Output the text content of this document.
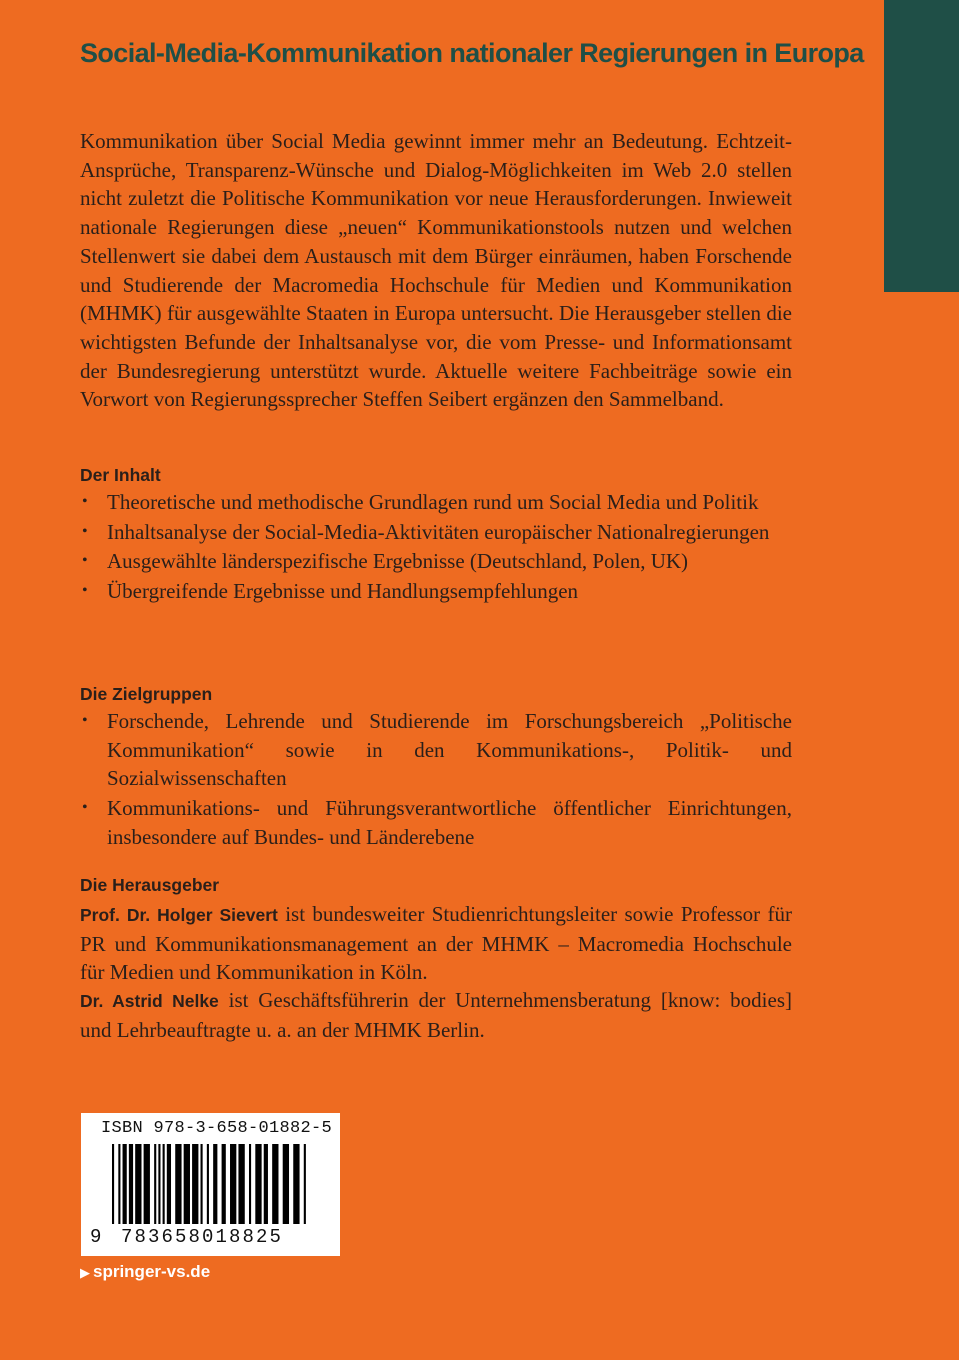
Social-Media-Kommunikation nationaler Regierungen in Europa

Kommunikation über Social Media gewinnt immer mehr an Bedeutung. Echtzeit-Ansprüche, Transparenz-Wünsche und Dialog-Möglichkeiten im Web 2.0 stellen nicht zuletzt die Politische Kommunikation vor neue Herausforderungen. Inwieweit nationale Regierungen diese „neuen“ Kommunikationstools nutzen und welchen Stellenwert sie dabei dem Austausch mit dem Bürger einräumen, haben Forschende und Studierende der Macromedia Hochschule für Medien und Kommunikation (MHMK) für ausgewählte Staaten in Europa untersucht. Die Herausgeber stellen die wichtigsten Befunde der Inhaltsanalyse vor, die vom Presse- und Informationsamt der Bundesregierung unterstützt wurde. Aktuelle weitere Fachbeiträge sowie ein Vorwort von Regierungssprecher Steffen Seibert ergänzen den Sammelband.

Der Inhalt
• Theoretische und methodische Grundlagen rund um Social Media und Politik
• Inhaltsanalyse der Social-Media-Aktivitäten europäischer Nationalregierungen
• Ausgewählte länderspezifische Ergebnisse (Deutschland, Polen, UK)
• Übergreifende Ergebnisse und Handlungsempfehlungen
Die Zielgruppen
• Forschende, Lehrende und Studierende im Forschungsbereich „Politische Kommunikation“ sowie in den Kommunikations-, Politik- und Sozialwissenschaften
• Kommunikations- und Führungsverantwortliche öffentlicher Einrichtungen, insbesondere auf Bundes- und Länderebene
Die Herausgeber

Prof. Dr. Holger Sievert ist bundesweiter Studienrichtungsleiter sowie Professor für PR und Kommunikationsmanagement an der MHMK – Macromedia Hochschule für Medien und Kommunikation in Köln.

Dr. Astrid Nelke ist Geschäftsführerin der Unternehmensberatung [know: bodies] und Lehrbeauftragte u. a. an der MHMK Berlin.

ISBN 978-3-658-01882-5
9 783658018825
▶ springer-vs.de
